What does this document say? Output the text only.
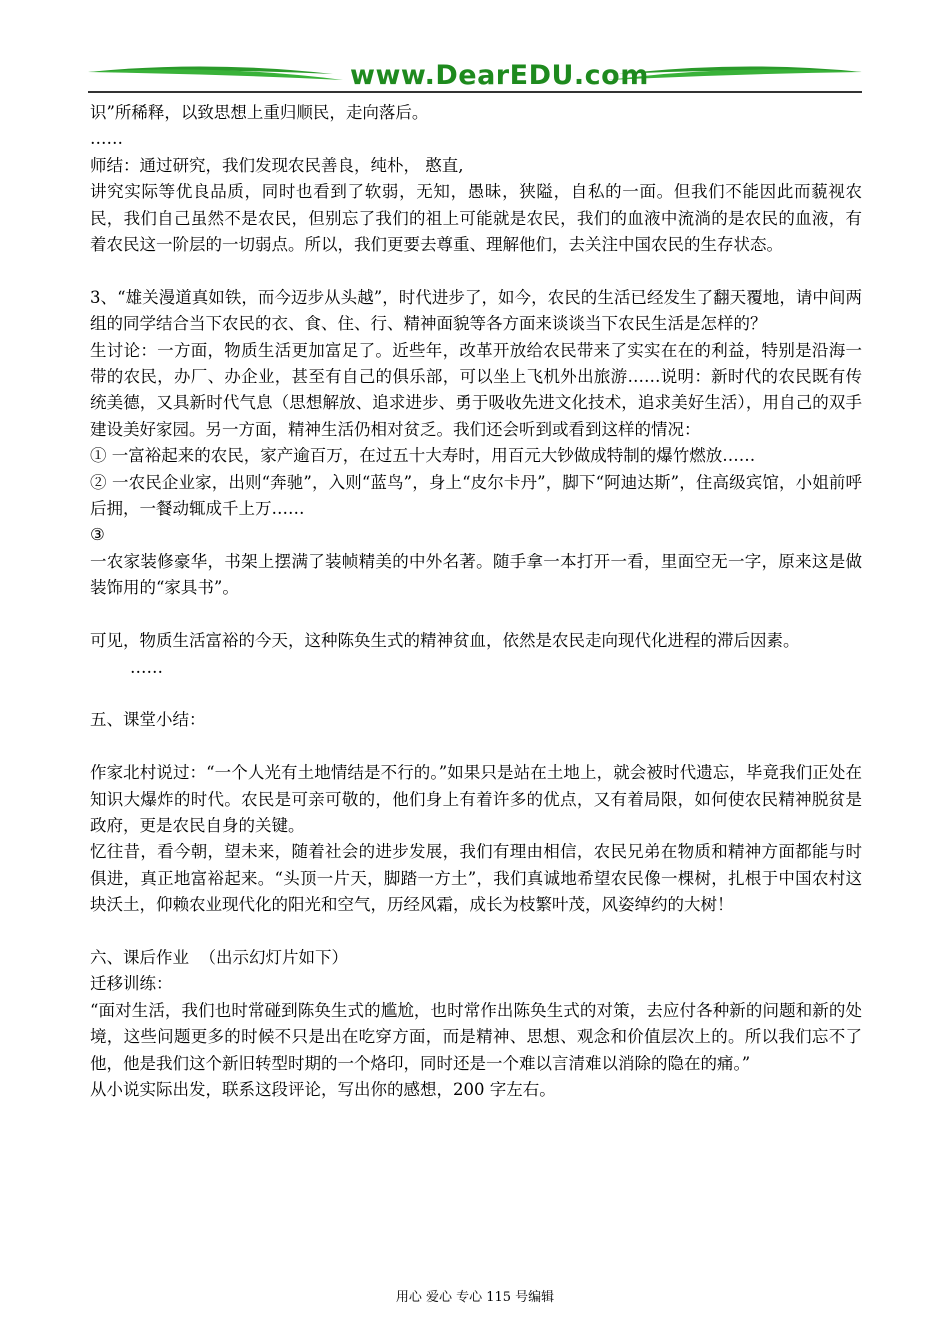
www.DearEDU.com

识”所稀释，以致思想上重归顺民，走向落后。

……

师结：通过研究，我们发现农民善良，纯朴， 憨直,

讲究实际等优良品质，同时也看到了软弱，无知，愚昧，狭隘，自私的一面。但我们不能因此而藐视农民，我们自己虽然不是农民，但别忘了我们的祖上可能就是农民，我们的血液中流淌的是农民的血液，有着农民这一阶层的一切弱点。所以，我们更要去尊重、理解他们，去关注中国农民的生存状态。

3、“雄关漫道真如铁，而今迈步从头越”，时代进步了，如今，农民的生活已经发生了翻天覆地，请中间两组的同学结合当下农民的衣、食、住、行、精神面貌等各方面来谈谈当下农民生活是怎样的？

生讨论：一方面，物质生活更加富足了。近些年，改革开放给农民带来了实实在在的利益，特别是沿海一带的农民，办厂、办企业，甚至有自己的俱乐部，可以坐上飞机外出旅游……说明：新时代的农民既有传统美德，又具新时代气息（思想解放、追求进步、勇于吸收先进文化技术，追求美好生活），用自己的双手建设美好家园。另一方面，精神生活仍相对贫乏。我们还会听到或看到这样的情况：

① 一富裕起来的农民，家产逾百万，在过五十大寿时，用百元大钞做成特制的爆竹燃放……

② 一农民企业家，出则“奔驰”，入则“蓝鸟”，身上“皮尔卡丹”，脚下“阿迪达斯”，住高级宾馆，小姐前呼后拥，一餐动辄成千上万……

③

一农家装修豪华，书架上摆满了装帧精美的中外名著。随手拿一本打开一看，里面空无一字，原来这是做装饰用的“家具书”。

可见，物质生活富裕的今天，这种陈奂生式的精神贫血，依然是农民走向现代化进程的滞后因素。

……

五、课堂小结：

作家北村说过：“一个人光有土地情结是不行的。”如果只是站在土地上，就会被时代遗忘，毕竟我们正处在知识大爆炸的时代。农民是可亲可敬的，他们身上有着许多的优点，又有着局限，如何使农民精神脱贫是政府，更是农民自身的关键。

忆往昔，看今朝，望未来，随着社会的进步发展，我们有理由相信，农民兄弟在物质和精神方面都能与时俱进，真正地富裕起来。“头顶一片天，脚踏一方土”，我们真诚地希望农民像一棵树，扎根于中国农村这块沃土，仰赖农业现代化的阳光和空气，历经风霜，成长为枝繁叶茂，风姿绰约的大树！

六、课后作业  （出示幻灯片如下）

迁移训练：

“面对生活，我们也时常碰到陈奂生式的尴尬，也时常作出陈奂生式的对策，去应付各种新的问题和新的处境，这些问题更多的时候不只是出在吃穿方面，而是精神、思想、观念和价值层次上的。所以我们忘不了他，他是我们这个新旧转型时期的一个烙印，同时还是一个难以言清难以消除的隐在的痛。”

从小说实际出发，联系这段评论，写出你的感想，200 字左右。

用心 爱心 专心 115 号编辑
